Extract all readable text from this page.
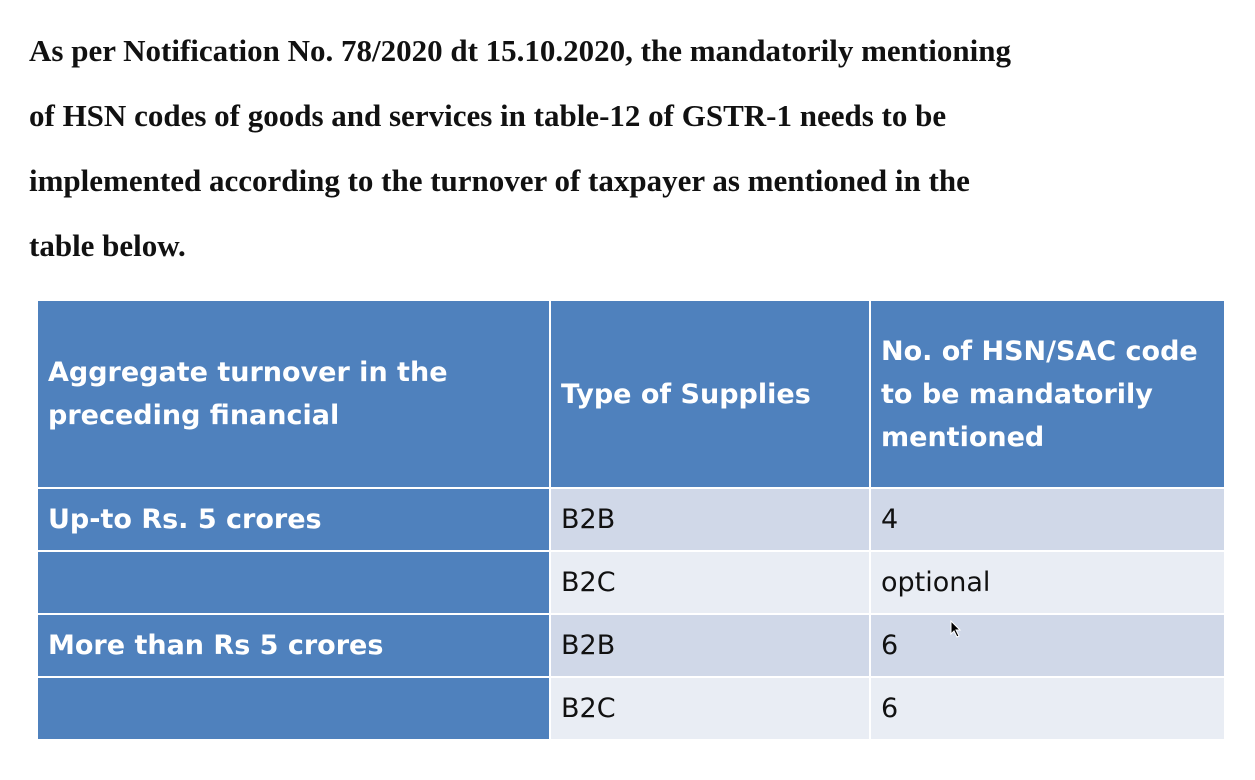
As per Notification No. 78/2020 dt 15.10.2020, the mandatorily mentioning
of HSN codes of goods and services in table-12 of GSTR-1 needs to be
implemented according to the turnover of taxpayer as mentioned in the
table below.
Aggregate turnover in the preceding financial	Type of Supplies	No. of HSN/SAC code to be mandatorily mentioned
Up-to Rs. 5 crores	B2B	4
	B2C	optional
More than Rs 5 crores	B2B	6
	B2C	6
